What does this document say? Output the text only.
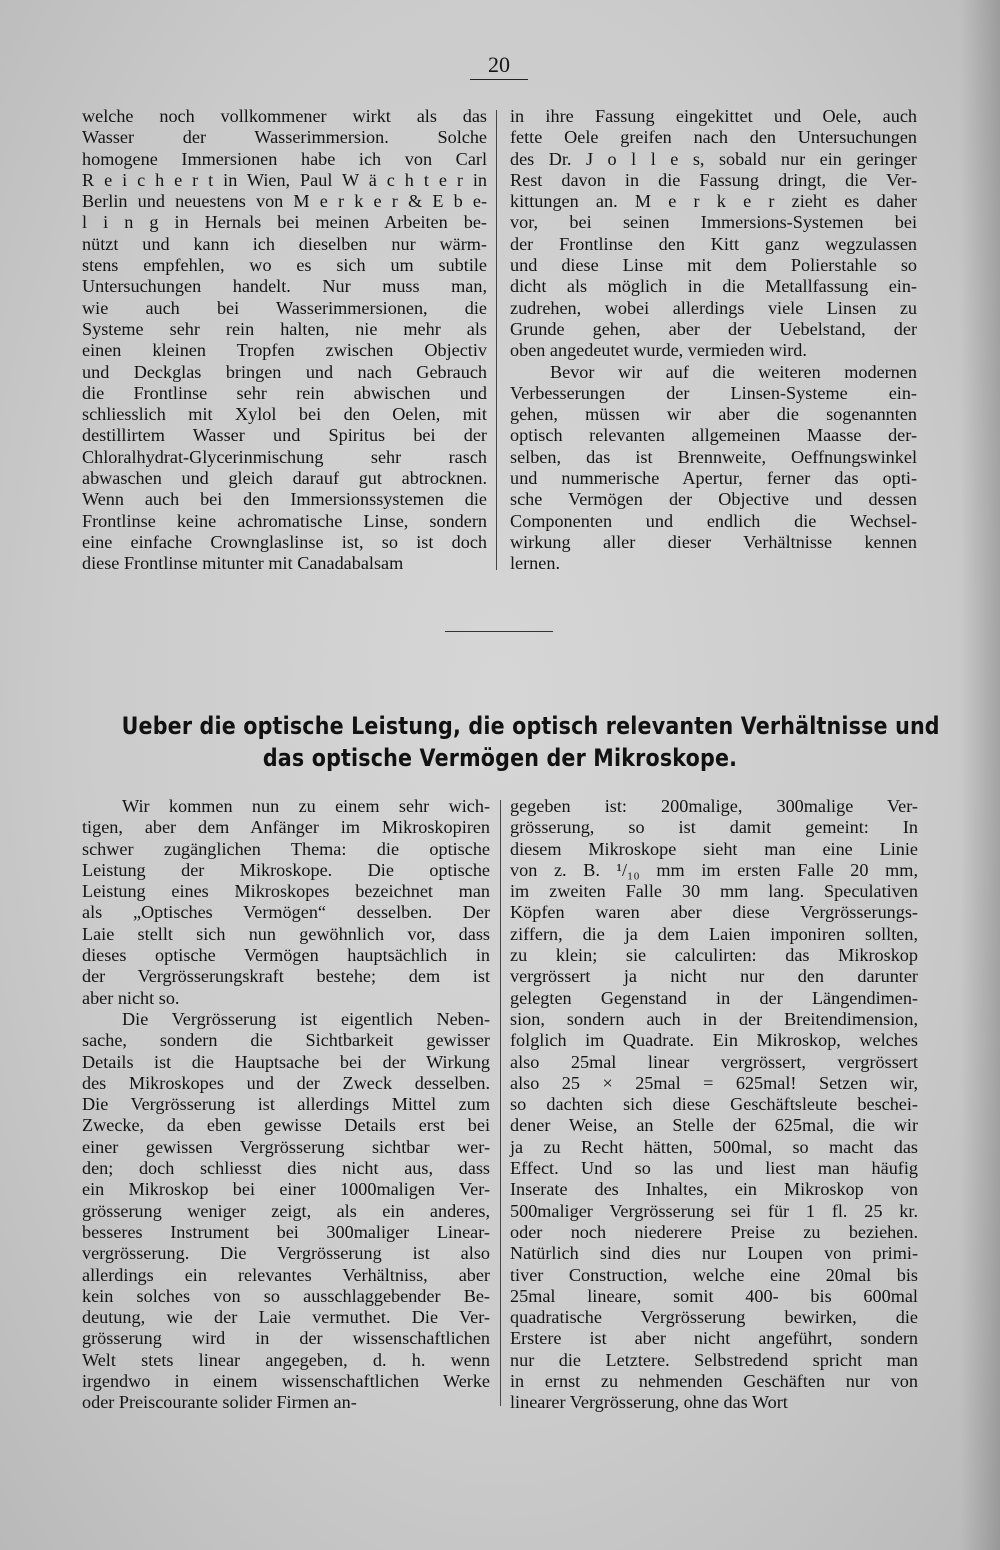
20
welche noch vollkommener wirkt als das
Wasser der Wasserimmersion. Solche
homogene Immersionen habe ich von Carl
R e i c h e r t in Wien, Paul W ä c h t e r in
Berlin und neuestens von M e r k e r & E b e-
l i n g in Hernals bei meinen Arbeiten be-
nützt und kann ich dieselben nur wärm-
stens empfehlen, wo es sich um subtile
Untersuchungen handelt. Nur muss man,
wie auch bei Wasserimmersionen, die
Systeme sehr rein halten, nie mehr als
einen kleinen Tropfen zwischen Objectiv
und Deckglas bringen und nach Gebrauch
die Frontlinse sehr rein abwischen und
schliesslich mit Xylol bei den Oelen, mit
destillirtem Wasser und Spiritus bei der
Chloralhydrat-Glycerinmischung sehr rasch
abwaschen und gleich darauf gut abtrocknen.
Wenn auch bei den Immersionssystemen die
Frontlinse keine achromatische Linse, sondern
eine einfache Crownglaslinse ist, so ist doch
diese Frontlinse mitunter mit Canadabalsam
in ihre Fassung eingekittet und Oele, auch
fette Oele greifen nach den Untersuchungen
des Dr. J o l l e s, sobald nur ein geringer
Rest davon in die Fassung dringt, die Ver-
kittungen an. M e r k e r zieht es daher
vor, bei seinen Immersions-Systemen bei
der Frontlinse den Kitt ganz wegzulassen
und diese Linse mit dem Polierstahle so
dicht als möglich in die Metallfassung ein-
zudrehen, wobei allerdings viele Linsen zu
Grunde gehen, aber der Uebelstand, der
oben angedeutet wurde, vermieden wird.
Bevor wir auf die weiteren modernen
Verbesserungen der Linsen-Systeme ein-
gehen, müssen wir aber die sogenannten
optisch relevanten allgemeinen Maasse der-
selben, das ist Brennweite, Oeffnungswinkel
und nummerische Apertur, ferner das opti-
sche Vermögen der Objective und dessen
Componenten und endlich die Wechsel-
wirkung aller dieser Verhältnisse kennen
lernen.
Ueber die optische Leistung, die optisch relevanten Verhältnisse und
das optische Vermögen der Mikroskope.
Wir kommen nun zu einem sehr wich-
tigen, aber dem Anfänger im Mikroskopiren
schwer zugänglichen Thema: die optische
Leistung der Mikroskope. Die optische
Leistung eines Mikroskopes bezeichnet man
als „Optisches Vermögen“ desselben. Der
Laie stellt sich nun gewöhnlich vor, dass
dieses optische Vermögen hauptsächlich in
der Vergrösserungskraft bestehe; dem ist
aber nicht so.
Die Vergrösserung ist eigentlich Neben-
sache, sondern die Sichtbarkeit gewisser
Details ist die Hauptsache bei der Wirkung
des Mikroskopes und der Zweck desselben.
Die Vergrösserung ist allerdings Mittel zum
Zwecke, da eben gewisse Details erst bei
einer gewissen Vergrösserung sichtbar wer-
den; doch schliesst dies nicht aus, dass
ein Mikroskop bei einer 1000maligen Ver-
grösserung weniger zeigt, als ein anderes,
besseres Instrument bei 300maliger Linear-
vergrösserung. Die Vergrösserung ist also
allerdings ein relevantes Verhältniss, aber
kein solches von so ausschlaggebender Be-
deutung, wie der Laie vermuthet. Die Ver-
grösserung wird in der wissenschaftlichen
Welt stets linear angegeben, d. h. wenn
irgendwo in einem wissenschaftlichen Werke
oder Preiscourante solider Firmen an-
gegeben ist: 200malige, 300malige Ver-
grösserung, so ist damit gemeint: In
diesem Mikroskope sieht man eine Linie
von z. B. ¹/₁₀ mm im ersten Falle 20 mm,
im zweiten Falle 30 mm lang. Speculativen
Köpfen waren aber diese Vergrösserungs-
ziffern, die ja dem Laien imponiren sollten,
zu klein; sie calculirten: das Mikroskop
vergrössert ja nicht nur den darunter
gelegten Gegenstand in der Längendimen-
sion, sondern auch in der Breitendimension,
folglich im Quadrate. Ein Mikroskop, welches
also 25mal linear vergrössert, vergrössert
also 25 × 25mal = 625mal! Setzen wir,
so dachten sich diese Geschäftsleute beschei-
dener Weise, an Stelle der 625mal, die wir
ja zu Recht hätten, 500mal, so macht das
Effect. Und so las und liest man häufig
Inserate des Inhaltes, ein Mikroskop von
500maliger Vergrösserung sei für 1 fl. 25 kr.
oder noch niederere Preise zu beziehen.
Natürlich sind dies nur Loupen von primi-
tiver Construction, welche eine 20mal bis
25mal lineare, somit 400- bis 600mal
quadratische Vergrösserung bewirken, die
Erstere ist aber nicht angeführt, sondern
nur die Letztere. Selbstredend spricht man
in ernst zu nehmenden Geschäften nur von
linearer Vergrösserung, ohne das Wort
